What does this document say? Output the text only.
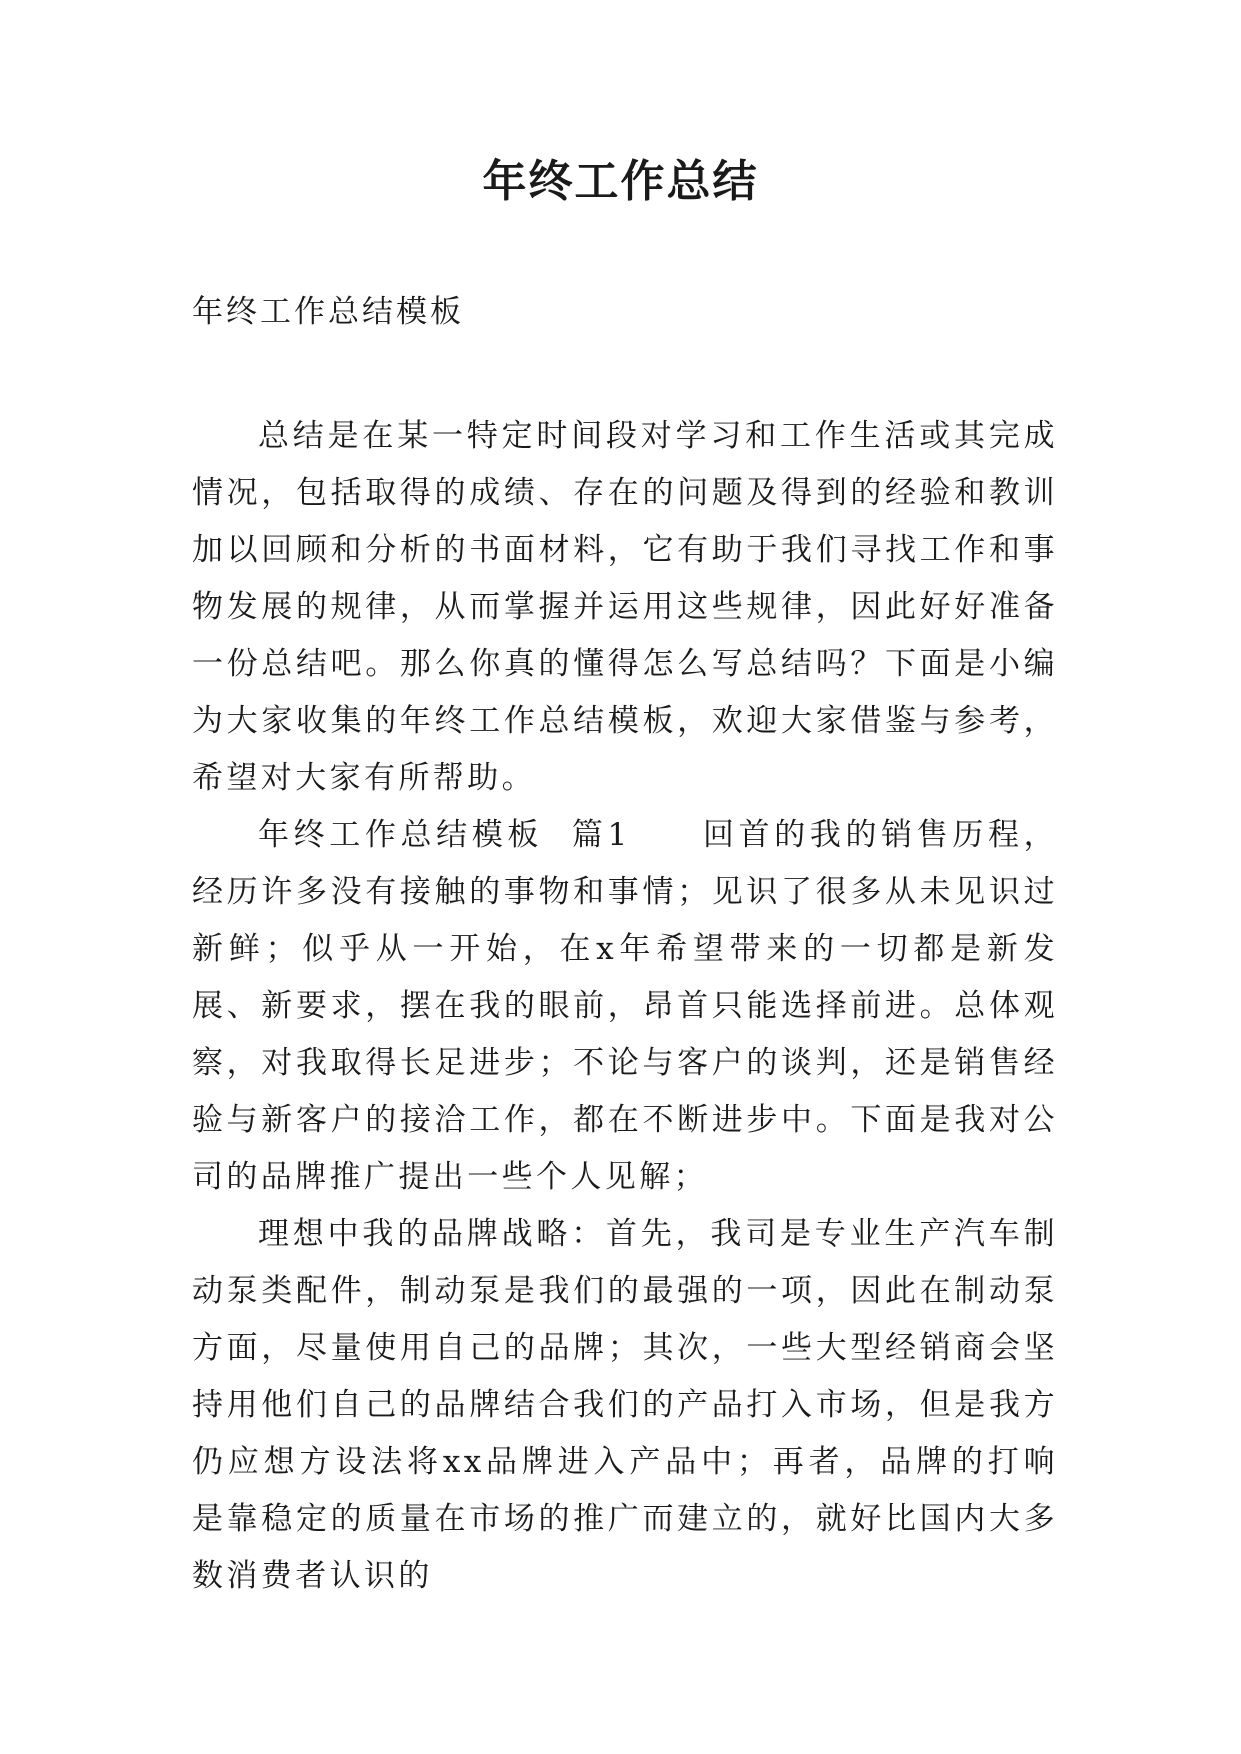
年终工作总结

年终工作总结模板

总结是在某一特定时间段对学习和工作生活或其完成情况，包括取得的成绩、存在的问题及得到的经验和教训加以回顾和分析的书面材料，它有助于我们寻找工作和事物发展的规律，从而掌握并运用这些规律，因此好好准备一份总结吧。那么你真的懂得怎么写总结吗？下面是小编为大家收集的年终工作总结模板，欢迎大家借鉴与参考，希望对大家有所帮助。

年终工作总结模板  篇1     回首的我的销售历程，经历许多没有接触的事物和事情；见识了很多从未见识过新鲜；似乎从一开始，在x年希望带来的一切都是新发展、新要求，摆在我的眼前，昂首只能选择前进。总体观察，对我取得长足进步；不论与客户的谈判，还是销售经验与新客户的接洽工作，都在不断进步中。下面是我对公司的品牌推广提出一些个人见解；

理想中我的品牌战略：首先，我司是专业生产汽车制动泵类配件，制动泵是我们的最强的一项，因此在制动泵方面，尽量使用自己的品牌；其次，一些大型经销商会坚持用他们自己的品牌结合我们的产品打入市场，但是我方仍应想方设法将xx品牌进入产品中；再者，品牌的打响是靠稳定的质量在市场的推广而建立的，就好比国内大多数消费者认识的
